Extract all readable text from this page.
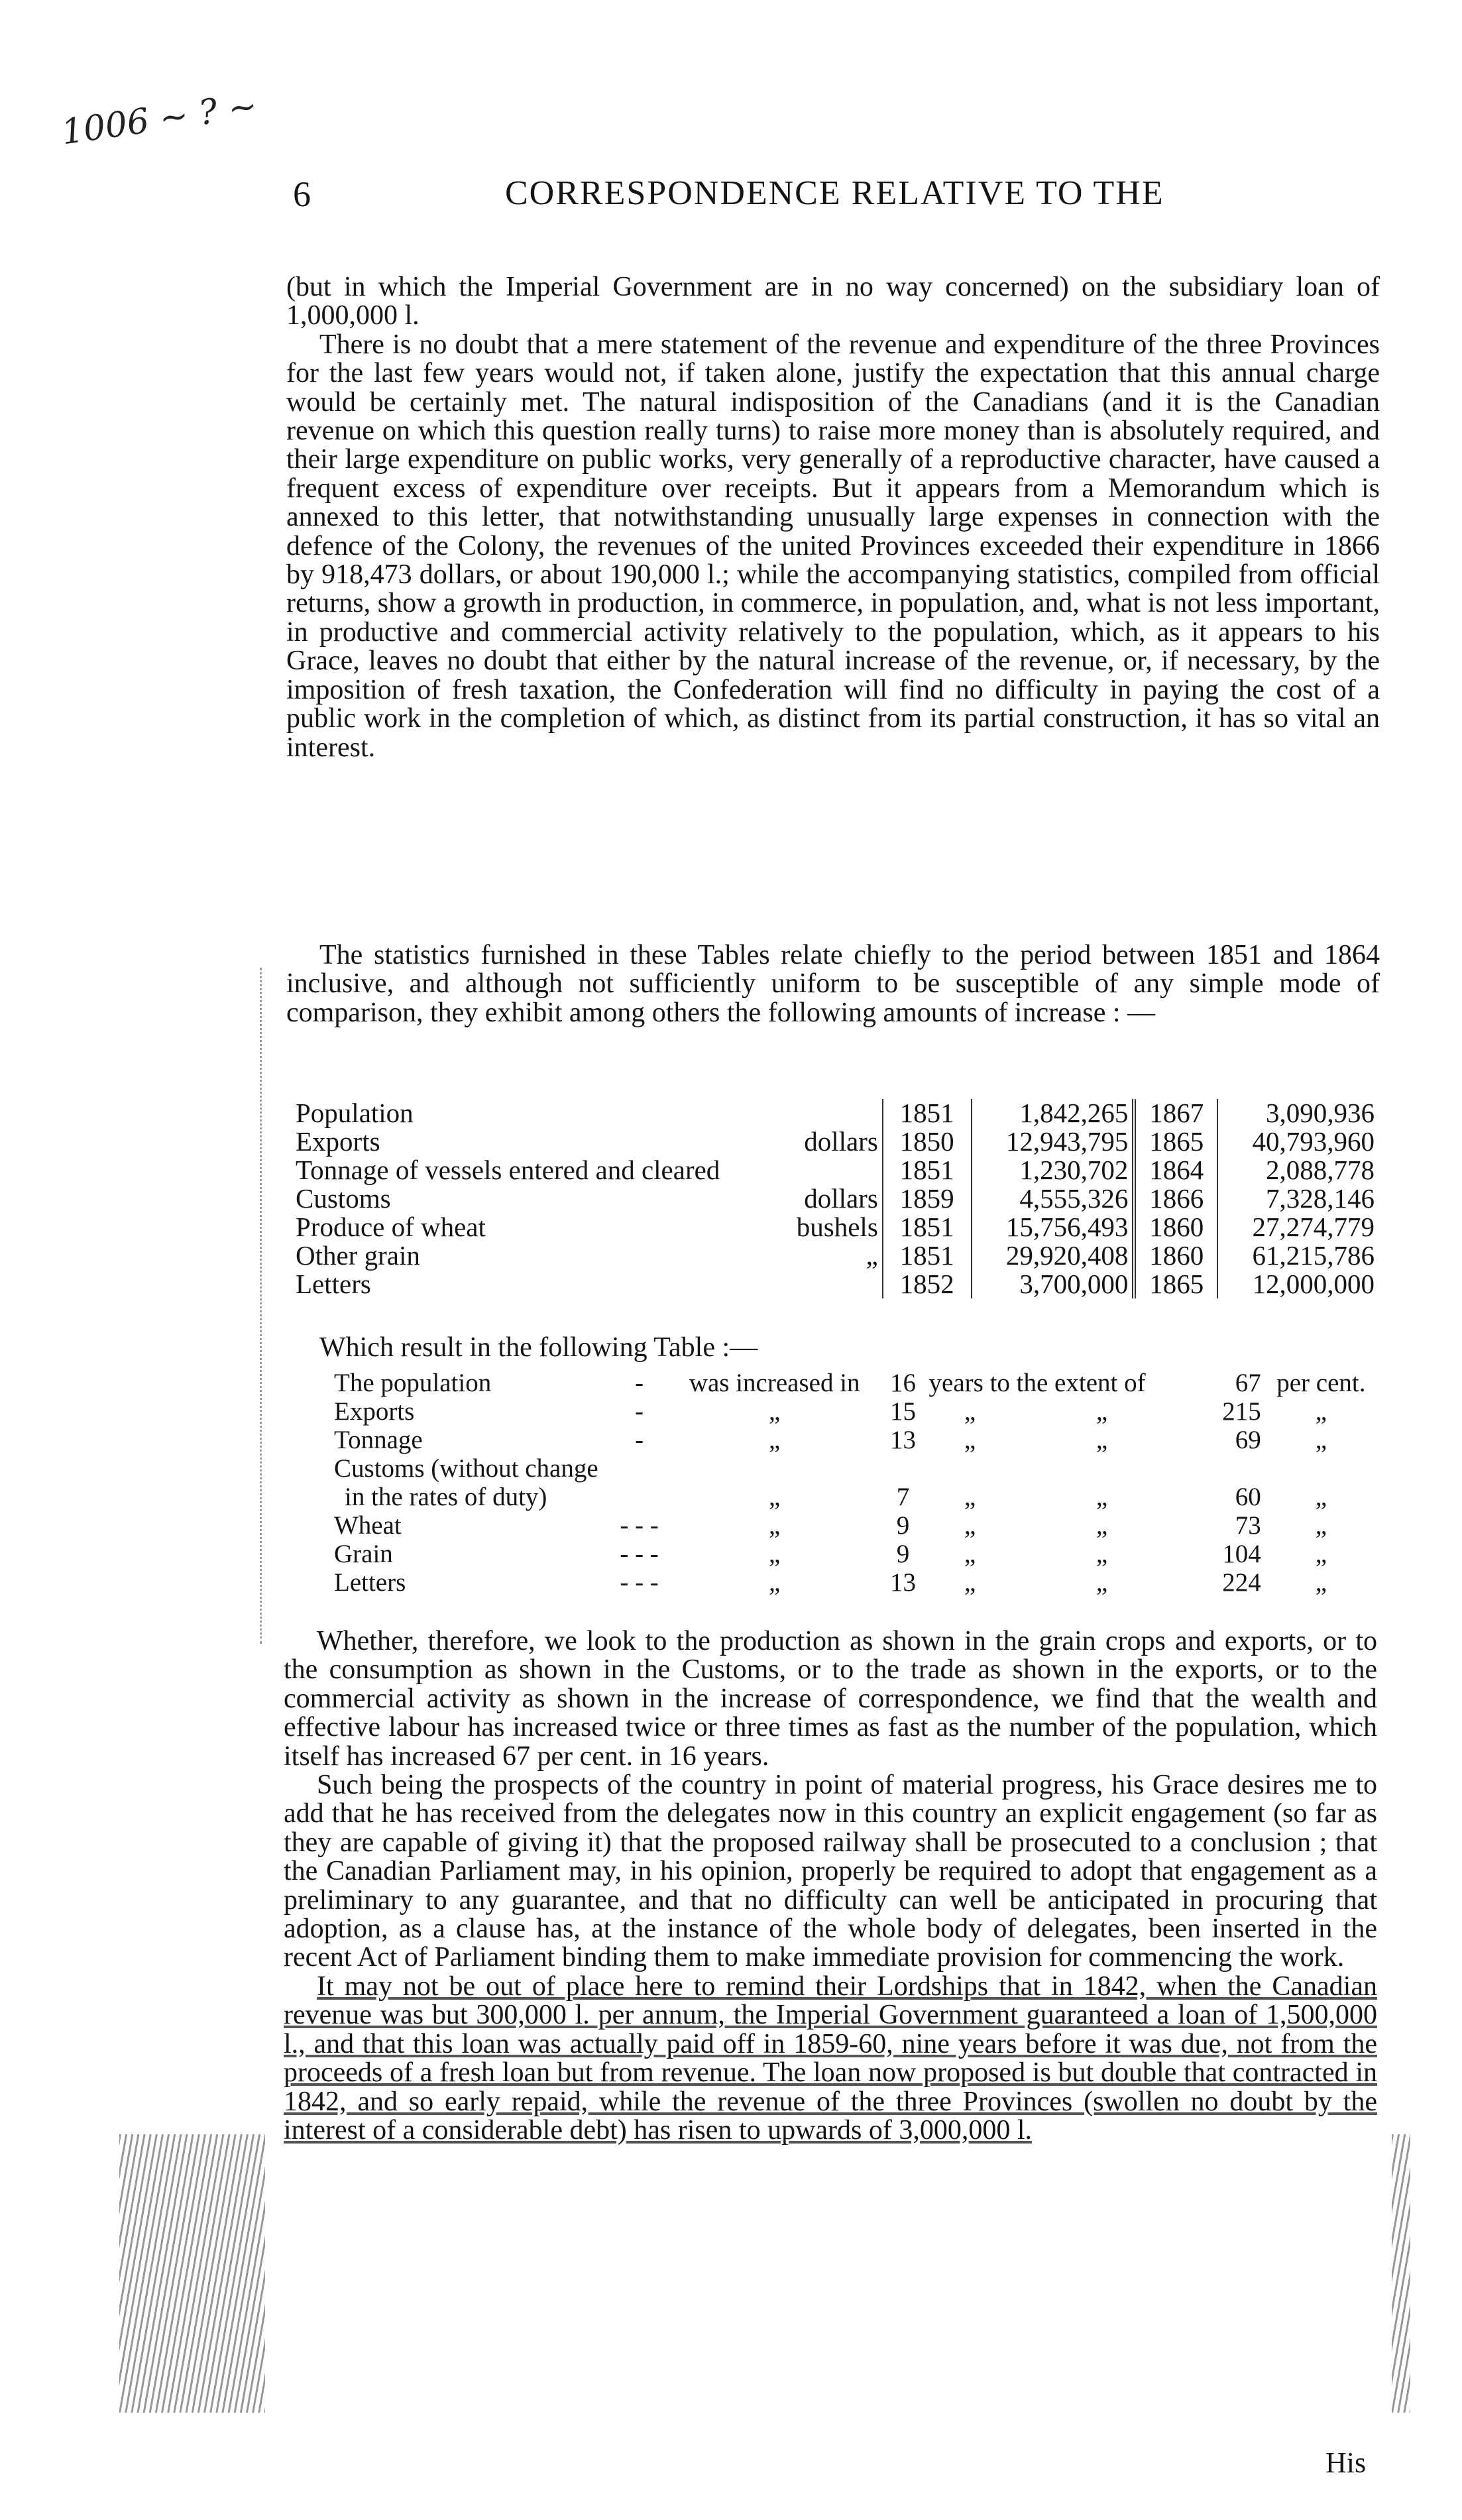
1006 ~ ? ~
6	CORRESPONDENCE RELATIVE TO THE

(but in which the Imperial Government are in no way concerned) on the subsidiary loan of 1,000,000 l.

There is no doubt that a mere statement of the revenue and expenditure of the three Provinces for the last few years would not, if taken alone, justify the expectation that this annual charge would be certainly met. The natural indisposition of the Canadians (and it is the Canadian revenue on which this question really turns) to raise more money than is absolutely required, and their large expenditure on public works, very generally of a reproductive character, have caused a frequent excess of expenditure over receipts. But it appears from a Memorandum which is annexed to this letter, that notwithstanding unusually large expenses in connection with the defence of the Colony, the revenues of the united Provinces exceeded their expenditure in 1866 by 918,473 dollars, or about 190,000 l.; while the accompanying statistics, compiled from official returns, show a growth in production, in commerce, in population, and, what is not less important, in productive and commercial activity relatively to the population, which, as it appears to his Grace, leaves no doubt that either by the natural increase of the revenue, or, if necessary, by the imposition of fresh taxation, the Confederation will find no difficulty in paying the cost of a public work in the completion of which, as distinct from its partial construction, it has so vital an interest.

The statistics furnished in these Tables relate chiefly to the period between 1851 and 1864 inclusive, and although not sufficiently uniform to be susceptible of any simple mode of comparison, they exhibit among others the following amounts of increase : —

Population	1851	1,842,265	1867	3,090,936
Exports dollars	1850	12,943,795	1865	40,793,960
Tonnage of vessels entered and cleared	1851	1,230,702	1864	2,088,778
Customs dollars	1859	4,555,326	1866	7,328,146
Produce of wheat bushels	1851	15,756,493	1860	27,274,779
Other grain „	1851	29,920,408	1860	61,215,786
Letters	1852	3,700,000	1865	12,000,000

Which result in the following Table :—

The population	-	was increased in	16	years to the extent of		67	per cent.
Exports	-	„	15	„	„	215	„
Tonnage	-	„	13	„	„	69	„
Customs (without change							
in the rates of duty)		„	7	„	„	60	„
Wheat	- - -	„	9	„	„	73	„
Grain	- - -	„	9	„	„	104	„
Letters	- - -	„	13	„	„	224	„

Whether, therefore, we look to the production as shown in the grain crops and exports, or to the consumption as shown in the Customs, or to the trade as shown in the exports, or to the commercial activity as shown in the increase of correspondence, we find that the wealth and effective labour has increased twice or three times as fast as the number of the population, which itself has increased 67 per cent. in 16 years.

Such being the prospects of the country in point of material progress, his Grace desires me to add that he has received from the delegates now in this country an explicit engagement (so far as they are capable of giving it) that the proposed railway shall be prosecuted to a conclusion ; that the Canadian Parliament may, in his opinion, properly be required to adopt that engagement as a preliminary to any guarantee, and that no difficulty can well be anticipated in procuring that adoption, as a clause has, at the instance of the whole body of delegates, been inserted in the recent Act of Parliament binding them to make immediate provision for commencing the work.

It may not be out of place here to remind their Lordships that in 1842, when the Canadian revenue was but 300,000 l. per annum, the Imperial Government guaranteed a loan of 1,500,000 l., and that this loan was actually paid off in 1859-60, nine years before it was due, not from the proceeds of a fresh loan but from revenue. The loan now proposed is but double that contracted in 1842, and so early repaid, while the revenue of the three Provinces (swollen no doubt by the interest of a considerable debt) has risen to upwards of 3,000,000 l.

His
